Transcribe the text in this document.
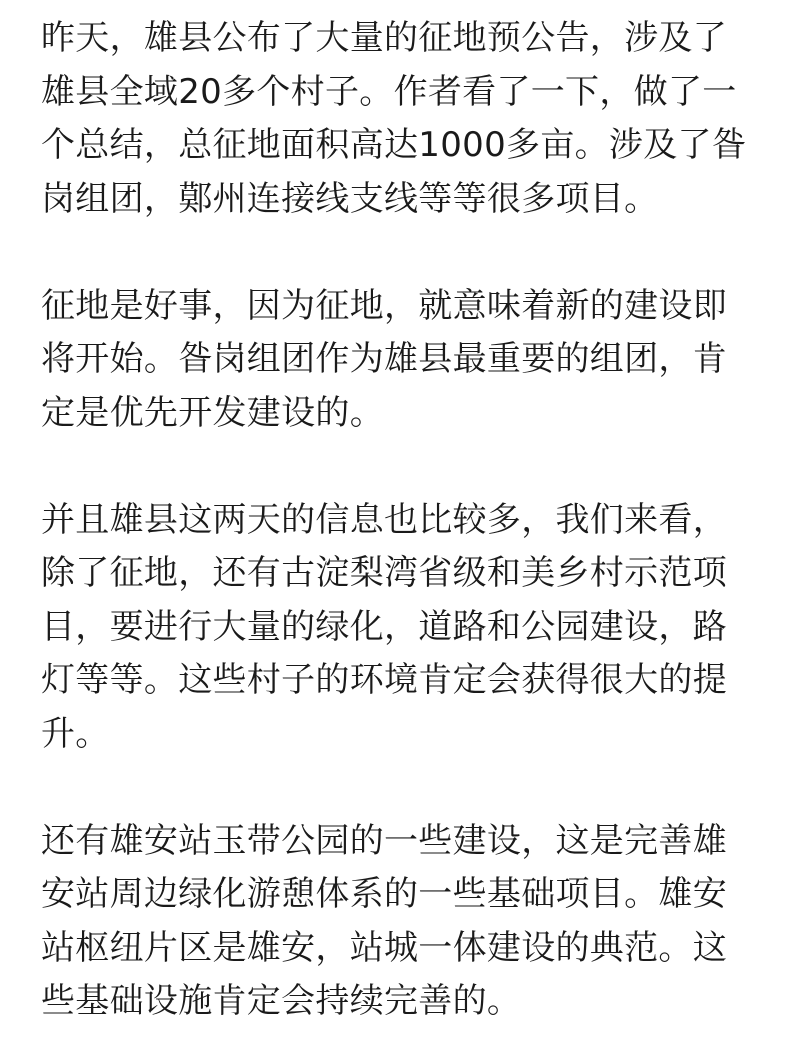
昨天，雄县公布了大量的征地预公告，涉及了
雄县全域20多个村子。作者看了一下，做了一
个总结，总征地面积高达1000多亩。涉及了昝
岗组团，鄚州连接线支线等等很多项目。
征地是好事，因为征地，就意味着新的建设即
将开始。昝岗组团作为雄县最重要的组团，肯
定是优先开发建设的。
并且雄县这两天的信息也比较多，我们来看，
除了征地，还有古淀梨湾省级和美乡村示范项
目，要进行大量的绿化，道路和公园建设，路
灯等等。这些村子的环境肯定会获得很大的提
升。
还有雄安站玉带公园的一些建设，这是完善雄
安站周边绿化游憩体系的一些基础项目。雄安
站枢纽片区是雄安，站城一体建设的典范。这
些基础设施肯定会持续完善的。
